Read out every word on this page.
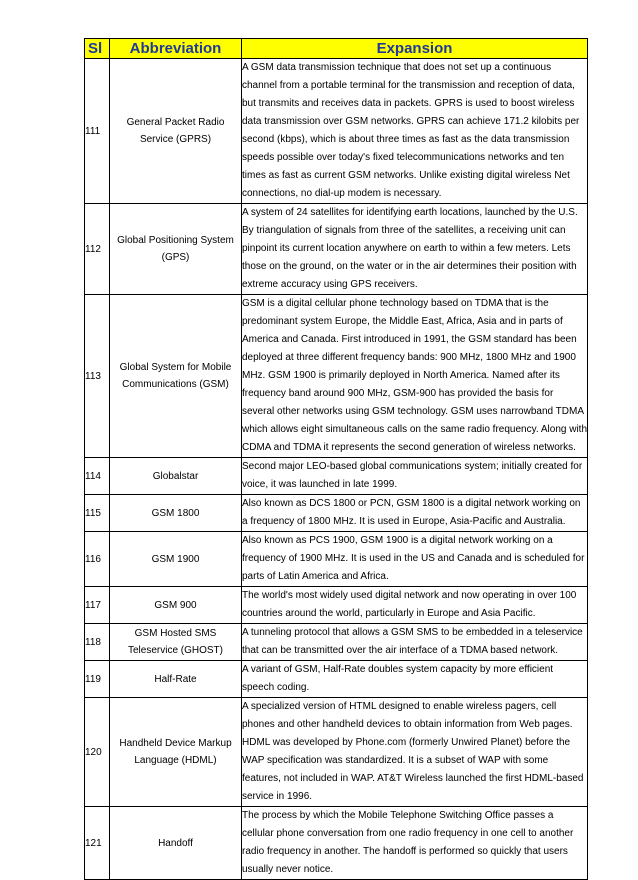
Sl	Abbreviation	Expansion
111	General Packet Radio Service (GPRS)	A GSM data transmission technique that does not set up a continuous channel from a portable terminal for the transmission and reception of data, but transmits and receives data in packets. GPRS is used to boost wireless data transmission over GSM networks. GPRS can achieve 171.2 kilobits per second (kbps), which is about three times as fast as the data transmission speeds possible over today's fixed telecommunications networks and ten times as fast as current GSM networks. Unlike existing digital wireless Net connections, no dial-up modem is necessary.
112	Global Positioning System (GPS)	A system of 24 satellites for identifying earth locations, launched by the U.S. By triangulation of signals from three of the satellites, a receiving unit can pinpoint its current location anywhere on earth to within a few meters. Lets those on the ground, on the water or in the air determines their position with extreme accuracy using GPS receivers.
113	Global System for Mobile Communications (GSM)	GSM is a digital cellular phone technology based on TDMA that is the predominant system Europe, the Middle East, Africa, Asia and in parts of America and Canada. First introduced in 1991, the GSM standard has been deployed at three different frequency bands: 900 MHz, 1800 MHz and 1900 MHz. GSM 1900 is primarily deployed in North America. Named after its frequency band around 900 MHz, GSM-900 has provided the basis for several other networks using GSM technology. GSM uses narrowband TDMA which allows eight simultaneous calls on the same radio frequency. Along with CDMA and TDMA it represents the second generation of wireless networks.
114	Globalstar	Second major LEO-based global communications system; initially created for voice, it was launched in late 1999.
115	GSM 1800	Also known as DCS 1800 or PCN, GSM 1800 is a digital network working on a frequency of 1800 MHz. It is used in Europe, Asia-Pacific and Australia.
116	GSM 1900	Also known as PCS 1900, GSM 1900 is a digital network working on a frequency of 1900 MHz. It is used in the US and Canada and is scheduled for parts of Latin America and Africa.
117	GSM 900	The world's most widely used digital network and now operating in over 100 countries around the world, particularly in Europe and Asia Pacific.
118	GSM Hosted SMS Teleservice (GHOST)	A tunneling protocol that allows a GSM SMS to be embedded in a teleservice that can be transmitted over the air interface of a TDMA based network.
119	Half-Rate	A variant of GSM, Half-Rate doubles system capacity by more efficient speech coding.
120	Handheld Device Markup Language (HDML)	A specialized version of HTML designed to enable wireless pagers, cell phones and other handheld devices to obtain information from Web pages. HDML was developed by Phone.com (formerly Unwired Planet) before the WAP specification was standardized. It is a subset of WAP with some features, not included in WAP. AT&T Wireless launched the first HDML-based service in 1996.
121	Handoff	The process by which the Mobile Telephone Switching Office passes a cellular phone conversation from one radio frequency in one cell to another radio frequency in another. The handoff is performed so quickly that users usually never notice.
